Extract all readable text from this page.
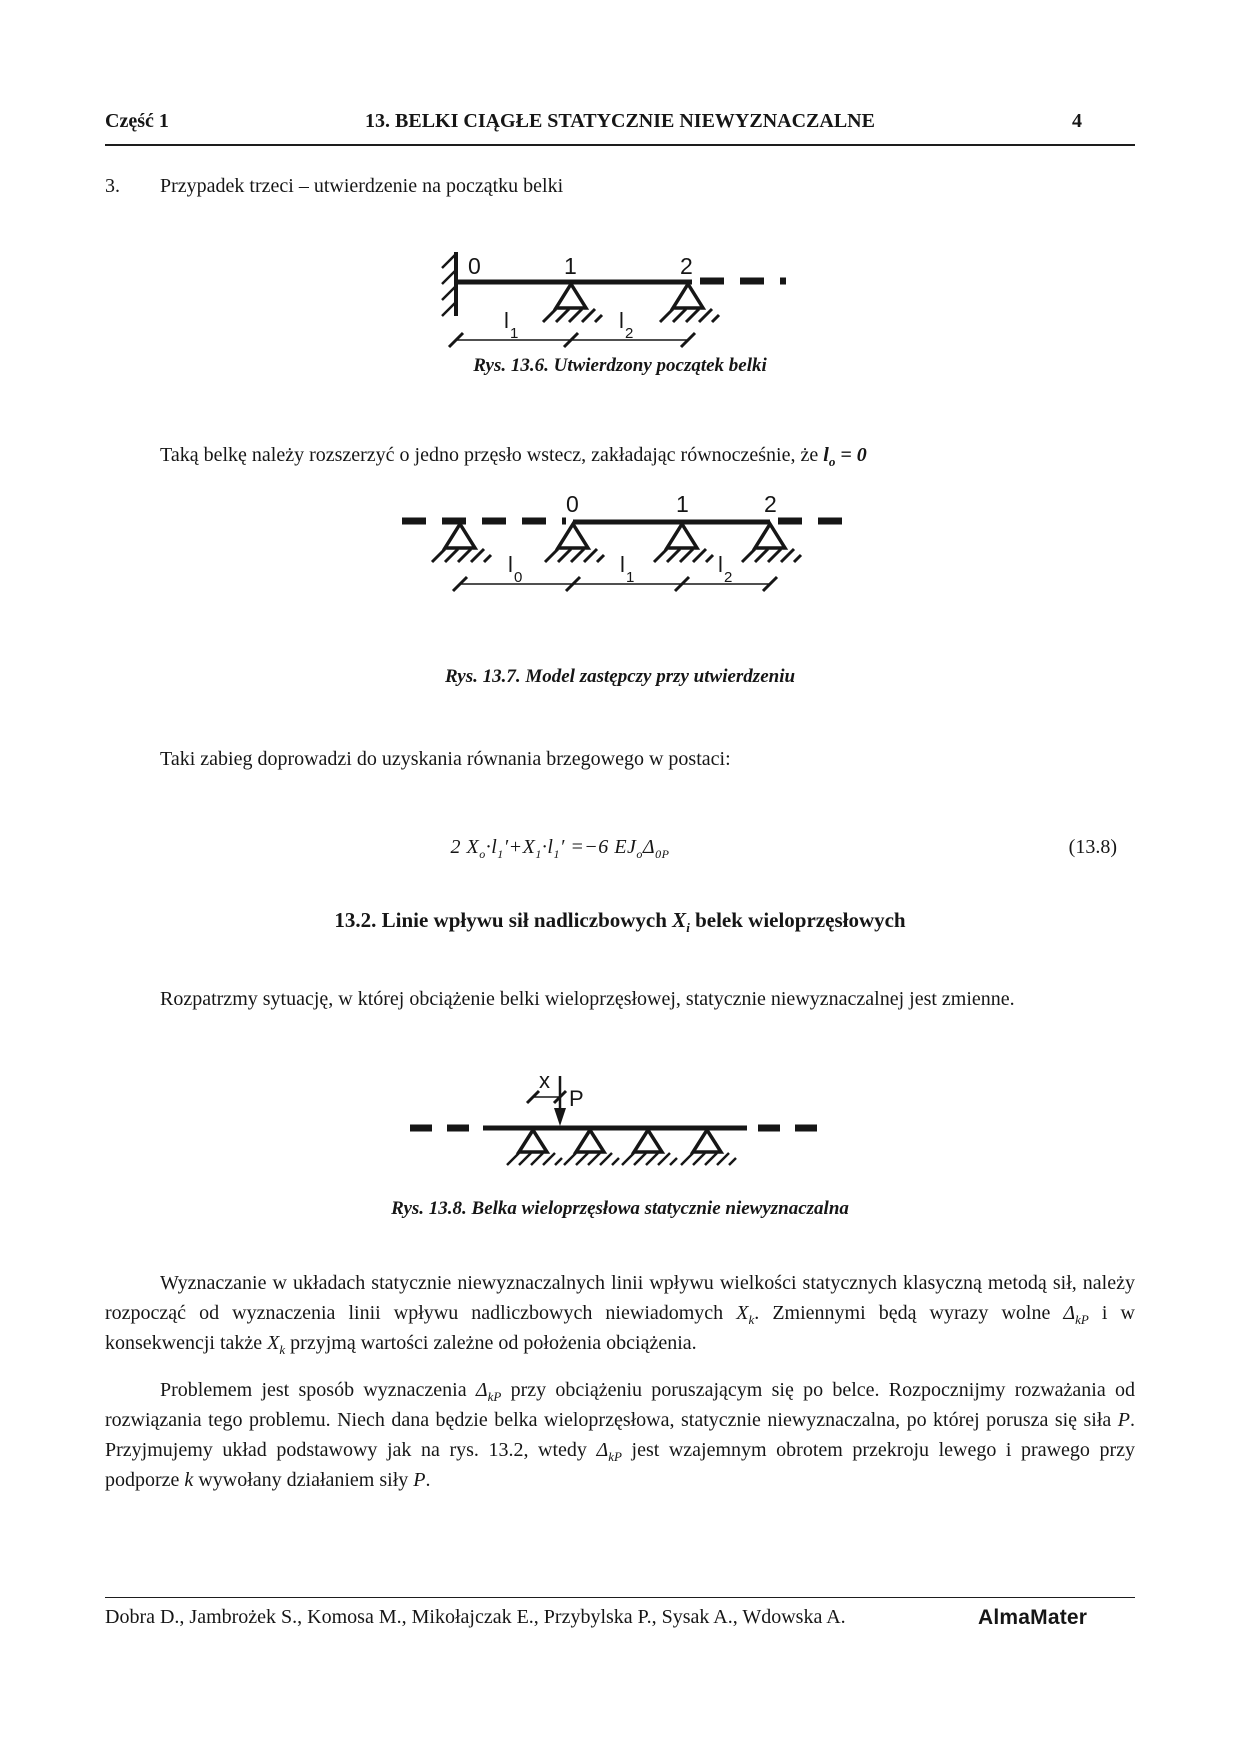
Część 1	13. BELKI CIĄGŁE STATYCZNIE NIEWYZNACZALNE	4
3. Przypadek trzeci – utwierdzenie na początku belki
0	1	2
l
1
l
2
Rys. 13.6. Utwierdzony początek belki
Taką belkę należy rozszerzyć o jedno przęsło wstecz, zakładając równocześnie, że $l_o = 0$
0	1	2
l
0
l
1
l
2
Rys. 13.7. Model zastępczy przy utwierdzeniu
Taki zabieg doprowadzi do uzyskania równania brzegowego w postaci:
2 $X_o\cdot l_1'+X_1\cdot l_1' =-6$ $EJ_o\Delta_{0P}$	(13.8)
13.2. Linie wpływu sił nadliczbowych $X_i$ belek wieloprzęsłowych
Rozpatrzmy sytuację, w której obciążenie belki wieloprzęsłowej, statycznie niewyznaczalnej jest zmienne.
x
P
Rys. 13.8. Belka wieloprzęsłowa statycznie niewyznaczalna
Wyznaczanie w układach statycznie niewyznaczalnych linii wpływu wielkości statycznych klasyczną metodą sił, należy rozpocząć od wyznaczenia linii wpływu nadliczbowych niewiadomych $X_k$. Zmiennymi będą wyrazy wolne $\Delta_{kP}$ i w konsekwencji także $X_k$ przyjmą wartości zależne od położenia obciążenia.
Problemem jest sposób wyznaczenia $\Delta_{kP}$ przy obciążeniu poruszającym się po belce. Rozpocznijmy rozważania od rozwiązania tego problemu. Niech dana będzie belka wieloprzęsłowa, statycznie niewyznaczalna, po której porusza się siła P. Przyjmujemy układ podstawowy jak na rys. 13.2, wtedy $\Delta_{kP}$ jest wzajemnym obrotem przekroju lewego i prawego przy podporze k wywołany działaniem siły P.
Dobra D., Jambrożek S., Komosa M., Mikołajczak E., Przybylska P., Sysak A., Wdowska A.	AlmaMater
